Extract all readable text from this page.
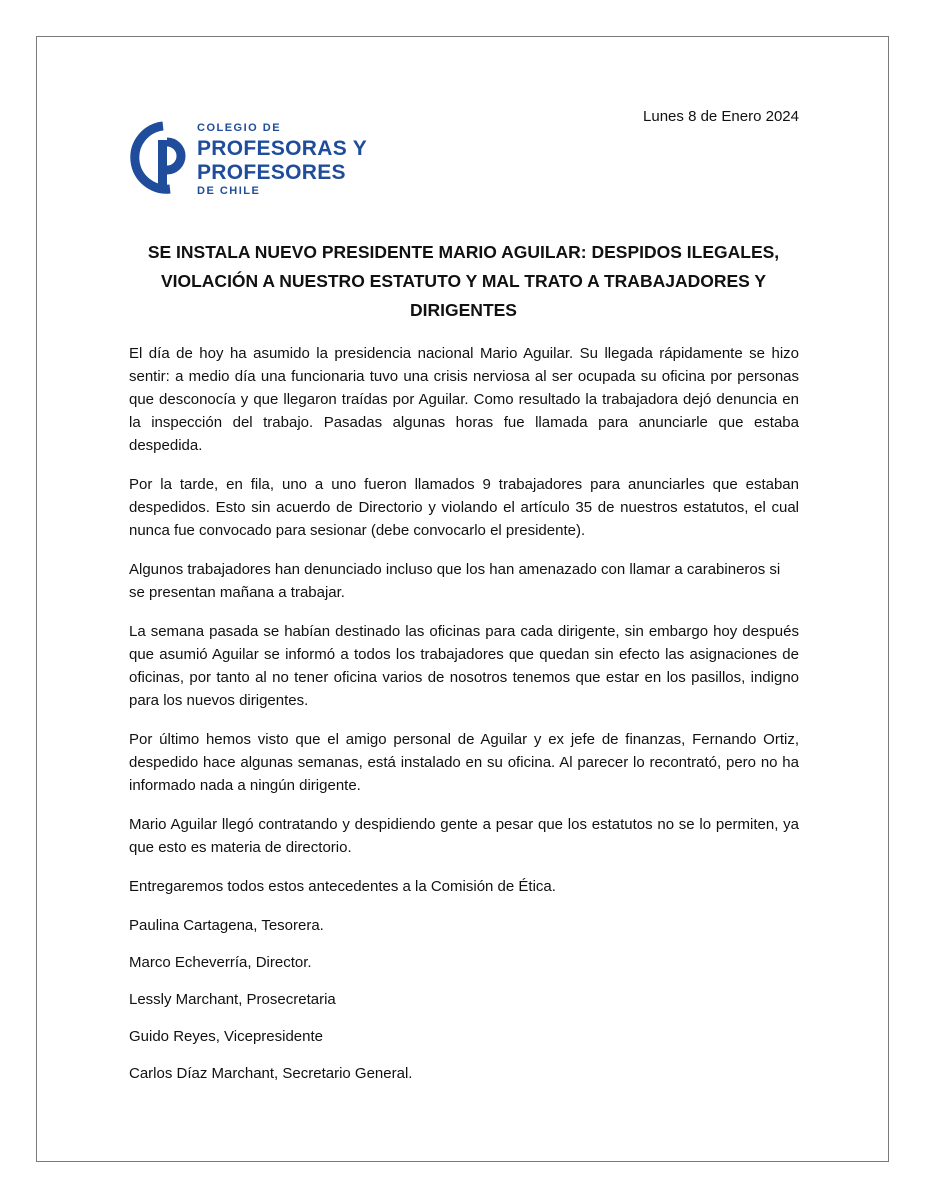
Lunes 8 de Enero 2024
COLEGIO DE
PROFESORAS Y
PROFESORES
DE CHILE
SE INSTALA NUEVO PRESIDENTE MARIO AGUILAR: DESPIDOS ILEGALES,
VIOLACIÓN A NUESTRO ESTATUTO Y MAL TRATO A TRABAJADORES Y
DIRIGENTES

El día de hoy ha asumido la presidencia nacional Mario Aguilar. Su llegada rápidamente se hizo sentir: a medio día una funcionaria tuvo una crisis nerviosa al ser ocupada su oficina por personas que desconocía y que llegaron traídas por Aguilar. Como resultado la trabajadora dejó denuncia en la inspección del trabajo. Pasadas algunas horas fue llamada para anunciarle que estaba despedida.

Por la tarde, en fila, uno a uno fueron llamados 9 trabajadores para anunciarles que estaban despedidos. Esto sin acuerdo de Directorio y violando el artículo 35 de nuestros estatutos, el cual nunca fue convocado para sesionar (debe convocarlo el presidente).

Algunos trabajadores han denunciado incluso que los han amenazado con llamar a carabineros si se presentan mañana a trabajar.

La semana pasada se habían destinado las oficinas para cada dirigente, sin embargo hoy después que asumió Aguilar se informó a todos los trabajadores que quedan sin efecto las asignaciones de oficinas, por tanto al no tener oficina varios de nosotros tenemos que estar en los pasillos, indigno para los nuevos dirigentes.

Por último hemos visto que el amigo personal de Aguilar y ex jefe de finanzas, Fernando Ortiz, despedido hace algunas semanas, está instalado en su oficina. Al parecer lo recontrató, pero no ha informado nada a ningún dirigente.

Mario Aguilar llegó contratando y despidiendo gente a pesar que los estatutos no se lo permiten, ya que esto es materia de directorio.

Entregaremos todos estos antecedentes a la Comisión de Ética.

Paulina Cartagena, Tesorera.

Marco Echeverría, Director.

Lessly Marchant, Prosecretaria

Guido Reyes, Vicepresidente

Carlos Díaz Marchant, Secretario General.
